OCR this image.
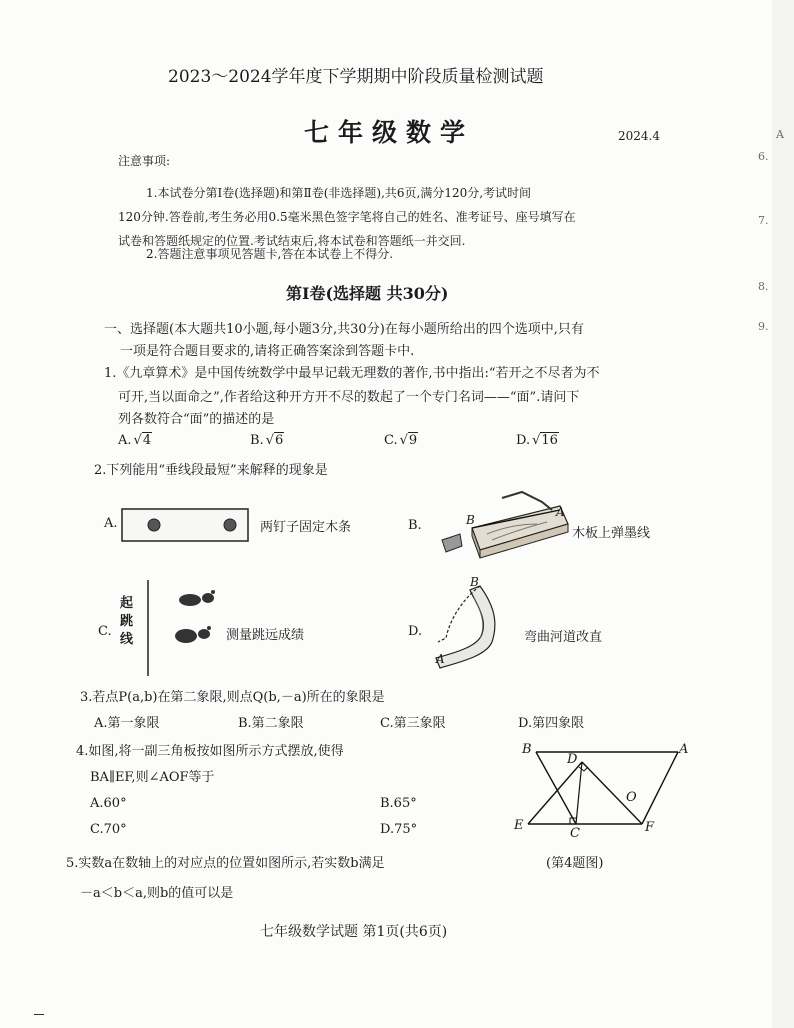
A
6.
7.
8.
9.
2023～2024学年度下学期期中阶段质量检测试题
七年级数学	2024.4
注意事项:
1.本试卷分第Ⅰ卷(选择题)和第Ⅱ卷(非选择题),共6页,满分120分,考试时间
120分钟.答卷前,考生务必用0.5毫米黑色签字笔将自己的姓名、准考证号、座号填写在
试卷和答题纸规定的位置.考试结束后,将本试卷和答题纸一并交回.
2.答题注意事项见答题卡,答在本试卷上不得分.
第Ⅰ卷(选择题 共30分)
一、选择题(本大题共10小题,每小题3分,共30分)在每小题所给出的四个选项中,只有
一项是符合题目要求的,请将正确答案涂到答题卡中.
1.《九章算术》是中国传统数学中最早记载无理数的著作,书中指出:“若开之不尽者为不
可开,当以面命之”,作者给这种开方开不尽的数起了一个专门名词——“面”.请问下
列各数符合“面”的描述的是
A. √4	B. √6	C. √9	D. √16
2.下列能用“垂线段最短”来解释的现象是
A.	两钉子固定木条	B.	B
A
木板上弹墨线
C.
起跳线	测量跳远成绩	D.
B
A
弯曲河道改直
3.若点P(a,b)在第二象限,则点Q(b,－a)所在的象限是
A.第一象限	B.第二象限	C.第三象限	D.第四象限
4.如图,将一副三角板按如图所示方式摆放,使得
BA∥EF,则∠AOF等于
A.60°	B.65°
C.70°	D.75°
B
D
A
O
E
C	F
(第4题图)
5.实数a在数轴上的对应点的位置如图所示,若实数b满足
－a＜b＜a,则b的值可以是
七年级数学试题 第1页(共6页)
